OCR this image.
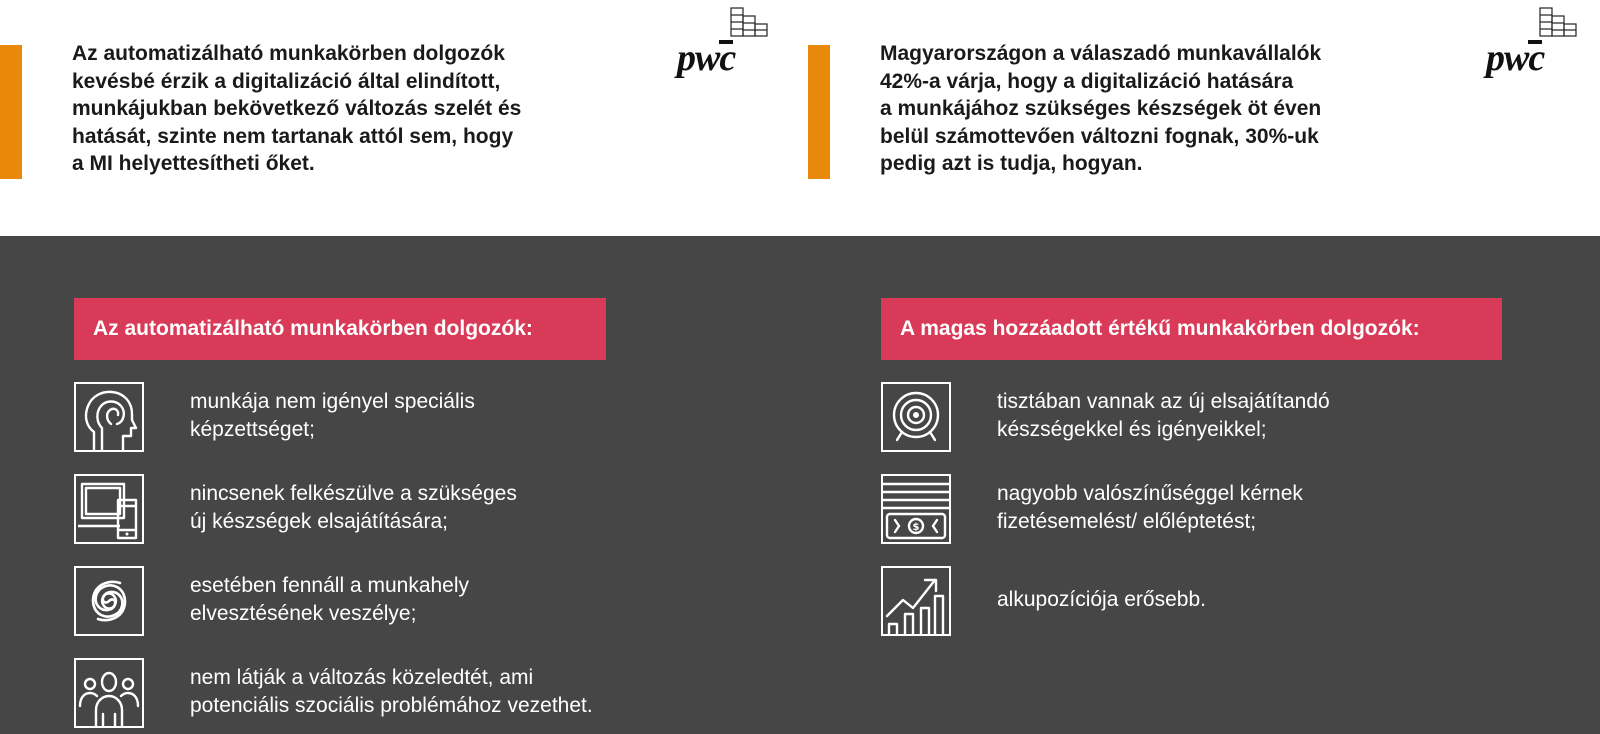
Az automatizálható munkakörben dolgozók
kevésbé érzik a digitalizáció által elindított,
munkájukban bekövetkező változás szelét és
hatását, szinte nem tartanak attól sem, hogy
a MI helyettesítheti őket.

pwc	Magyarországon a válaszadó munkavállalók
42%-a várja, hogy a digitalizáció hatására
a munkájához szükséges készségek öt éven
belül számottevően változni fognak, 30%-uk
pedig azt is tudja, hogyan.

pwc
Az automatizálható munkakörben dolgozók:
munkája nem igényel speciális
képzettséget;
nincsenek felkészülve a szükséges
új készségek elsajátítására;
esetében fennáll a munkahely
elvesztésének veszélye;
nem látják a változás közeledtét, ami
potenciális szociális problémához vezethet.
A magas hozzáadott értékű munkakörben dolgozók:
tisztában vannak az új elsajátítandó
készségekkel és igényeikkel;
$
nagyobb valószínűséggel kérnek
fizetésemelést/ előléptetést;
alkupozíciója erősebb.
